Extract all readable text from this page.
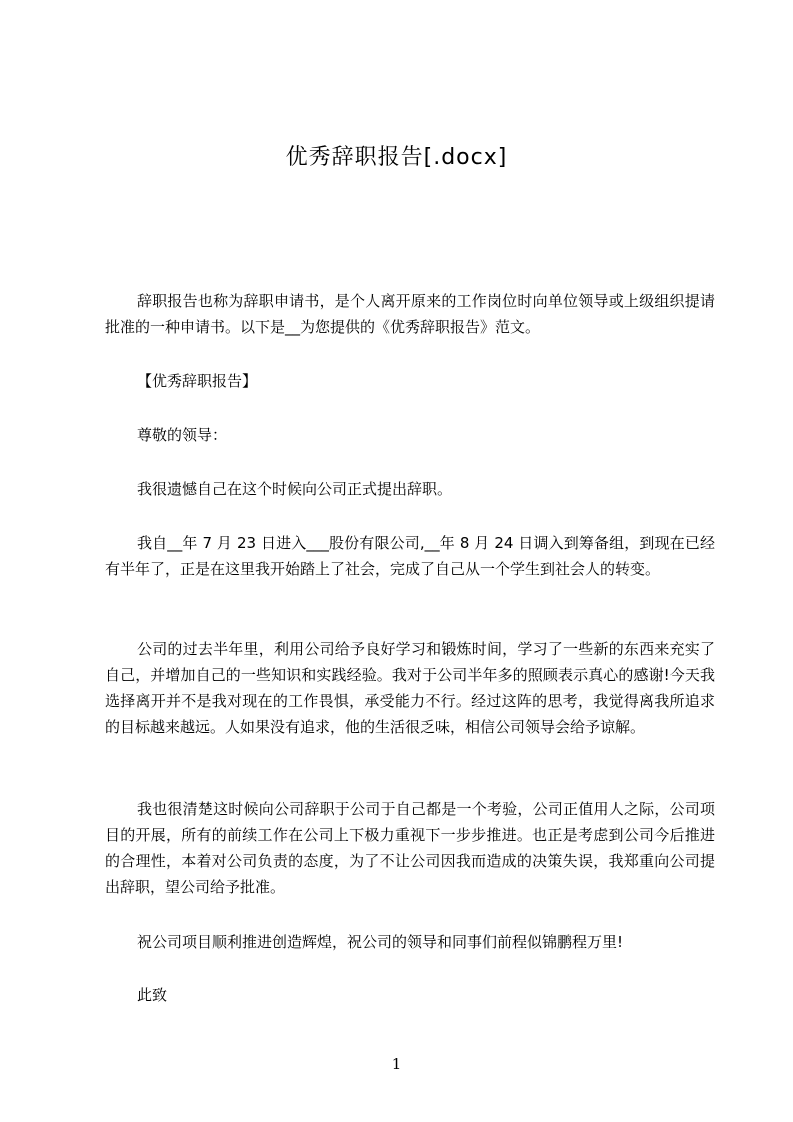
优秀辞职报告[.docx]

辞职报告也称为辞职申请书，是个人离开原来的工作岗位时向单位领导或上级组织提请批准的一种申请书。以下是__为您提供的《优秀辞职报告》范文。

【优秀辞职报告】

尊敬的领导：

我很遗憾自己在这个时候向公司正式提出辞职。

我自__年 7 月 23 日进入___股份有限公司,__年 8 月 24 日调入到筹备组，到现在已经有半年了，正是在这里我开始踏上了社会，完成了自己从一个学生到社会人的转变。

公司的过去半年里，利用公司给予良好学习和锻炼时间，学习了一些新的东西来充实了自己，并增加自己的一些知识和实践经验。我对于公司半年多的照顾表示真心的感谢!今天我选择离开并不是我对现在的工作畏惧，承受能力不行。经过这阵的思考，我觉得离我所追求的目标越来越远。人如果没有追求，他的生活很乏味，相信公司领导会给予谅解。

我也很清楚这时候向公司辞职于公司于自己都是一个考验，公司正值用人之际，公司项目的开展，所有的前续工作在公司上下极力重视下一步步推进。也正是考虑到公司今后推进的合理性，本着对公司负责的态度，为了不让公司因我而造成的决策失误，我郑重向公司提出辞职，望公司给予批准。

祝公司项目顺利推进创造辉煌，祝公司的领导和同事们前程似锦鹏程万里!

此致

1
